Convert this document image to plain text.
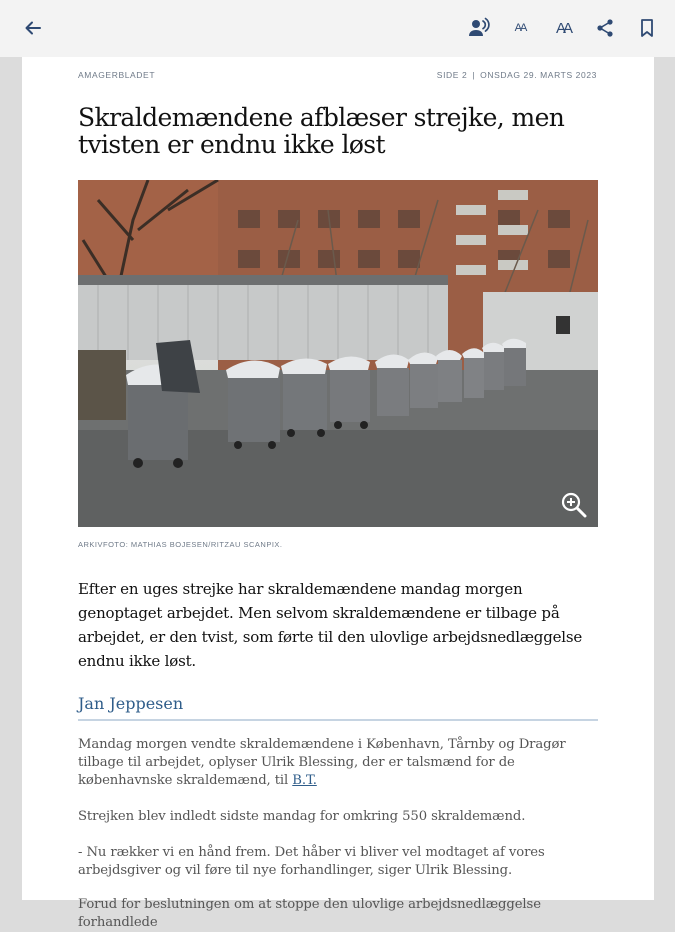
AA AA
AMAGERBLADET	SIDE 2 | ONSDAG 29. MARTS 2023
Skraldemændene afblæser strejke, men tvisten er endnu ikke løst
ARKIVFOTO: MATHIAS BOJESEN/RITZAU SCANPIX.

Efter en uges strejke har skraldemændene mandag morgen genoptaget arbejdet. Men selvom skraldemændene er tilbage på arbejdet, er den tvist, som førte til den ulovlige arbejdsnedlæggelse endnu ikke løst.

Jan Jeppesen

Mandag morgen vendte skraldemændene i København, Tårnby og Dragør tilbage til arbejdet, oplyser Ulrik Blessing, der er talsmænd for de københavnske skraldemænd, til B.T.

Strejken blev indledt sidste mandag for omkring 550 skraldemænd.

- Nu rækker vi en hånd frem. Det håber vi bliver vel modtaget af vores arbejdsgiver og vil føre til nye forhandlinger, siger Ulrik Blessing.

Forud for beslutningen om at stoppe den ulovlige arbejdsnedlæggelse forhandlede
